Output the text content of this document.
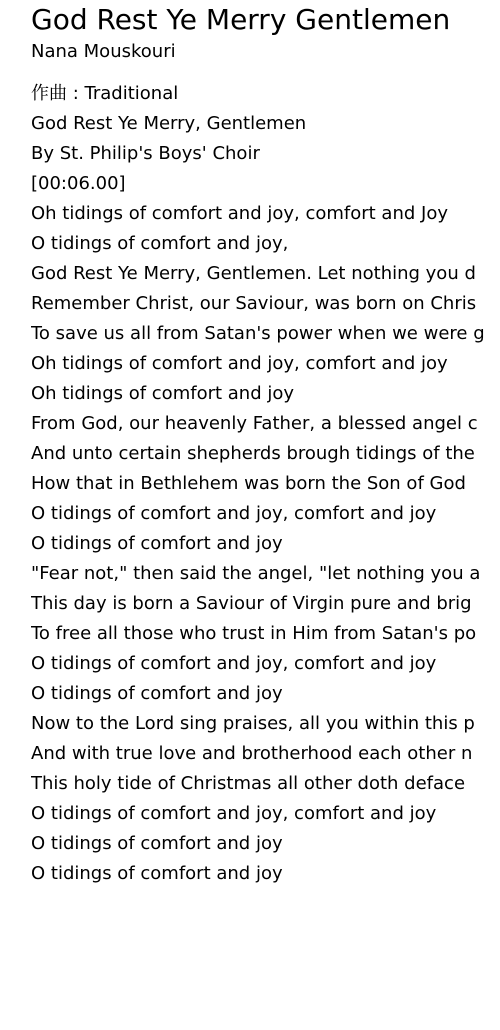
God Rest Ye Merry Gentlemen
Nana Mouskouri
作曲 : Traditional
God Rest Ye Merry, Gentlemen
By St. Philip's Boys' Choir
[00:06.00]
Oh tidings of comfort and joy, comfort and Joy
O tidings of comfort and joy,
God Rest Ye Merry, Gentlemen. Let nothing you d
Remember Christ, our Saviour, was born on Chris
To save us all from Satan's power when we were g
Oh tidings of comfort and joy, comfort and joy
Oh tidings of comfort and joy
From God, our heavenly Father, a blessed angel c
And unto certain shepherds brough tidings of the
How that in Bethlehem was born the Son of God
O tidings of comfort and joy, comfort and joy
O tidings of comfort and joy
"Fear not," then said the angel, "let nothing you a
This day is born a Saviour of Virgin pure and brig
To free all those who trust in Him from Satan's po
O tidings of comfort and joy, comfort and joy
O tidings of comfort and joy
Now to the Lord sing praises, all you within this p
And with true love and brotherhood each other n
This holy tide of Christmas all other doth deface
O tidings of comfort and joy, comfort and joy
O tidings of comfort and joy
O tidings of comfort and joy
